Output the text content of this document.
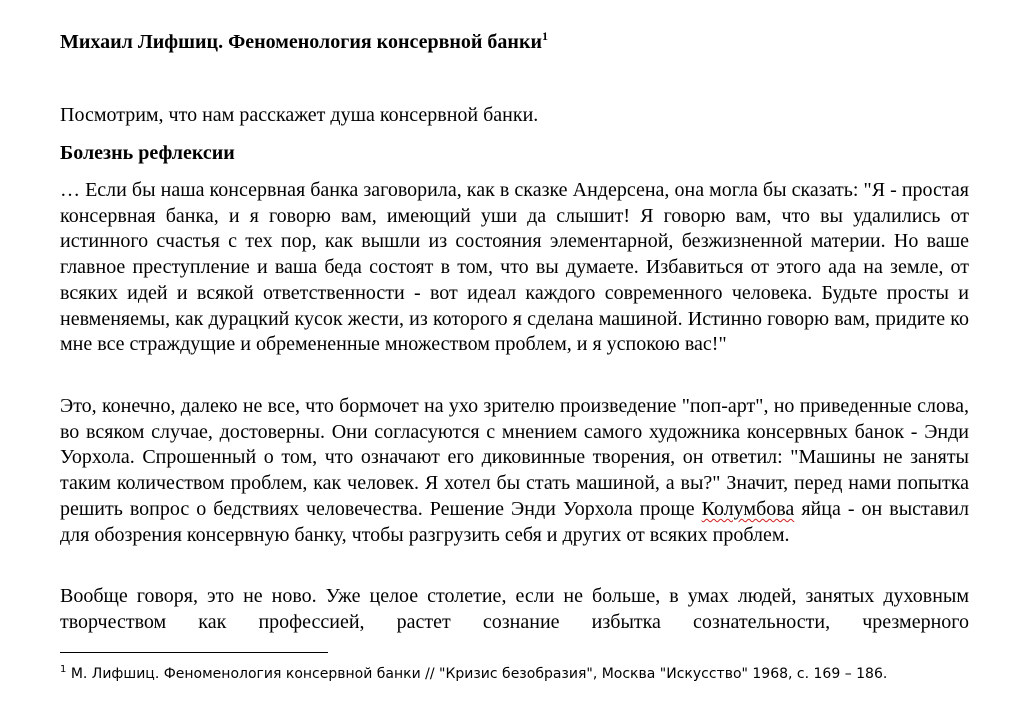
Михаил Лифшиц. Феноменология консервной банки$^1$
Посмотрим, что нам расскажет душа консервной банки.
Болезнь рефлексии

… Если бы наша консервная банка заговорила, как в сказке Андерсена, она могла бы сказать: "Я - простая консервная банка, и я говорю вам, имеющий уши да слышит! Я говорю вам, что вы удалились от истинного счастья с тех пор, как вышли из состояния элементарной, безжизненной материи. Но ваше главное преступление и ваша беда состоят в том, что вы думаете. Избавиться от этого ада на земле, от всяких идей и всякой ответственности - вот идеал каждого современного человека. Будьте просты и невменяемы, как дурацкий кусок жести, из которого я сделана машиной. Истинно говорю вам, придите ко мне все страждущие и обремененные множеством проблем, и я успокою вас!"

Это, конечно, далеко не все, что бормочет на ухо зрителю произведение "поп-арт", но приведенные слова, во всяком случае, достоверны. Они согласуются с мнением самого художника консервных банок - Энди Уорхола. Спрошенный о том, что означают его диковинные творения, он ответил: "Машины не заняты таким количеством проблем, как человек. Я хотел бы стать машиной, а вы?" Значит, перед нами попытка решить вопрос о бедствиях человечества. Решение Энди Уорхола проще Колумбова яйца - он выставил для обозрения консервную банку, чтобы разгрузить себя и других от всяких проблем.

Вообще говоря, это не ново. Уже целое столетие, если не больше, в умах людей, занятых духовным творчеством как профессией, растет сознание избытка сознательности, чрезмерного

$^1$ М. Лифшиц. Феноменология консервной банки // "Кризис безобразия", Москва "Искусство" 1968, с. 169 – 186.
